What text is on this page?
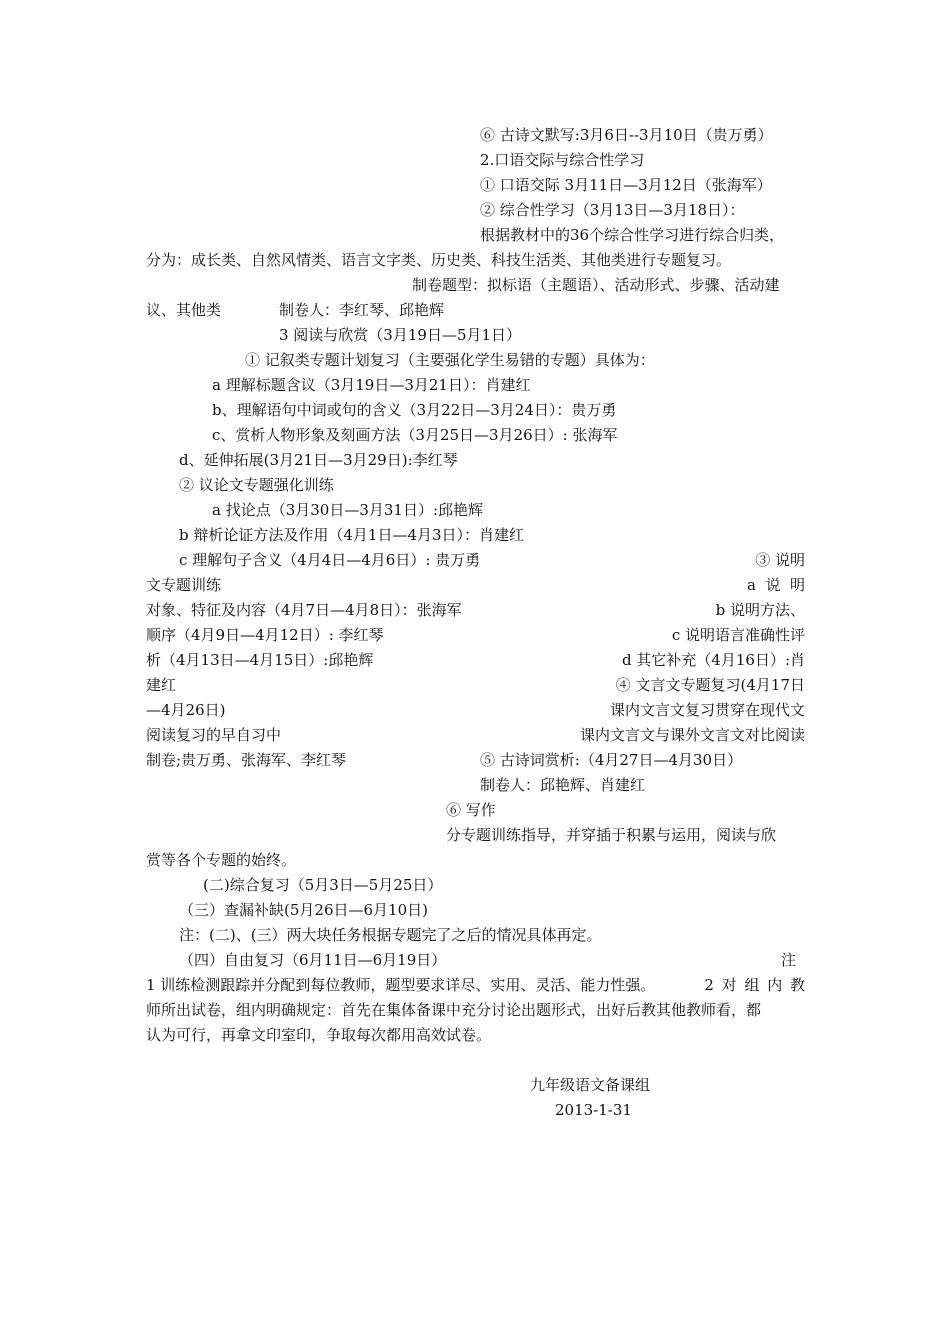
⑥ 古诗文默写:3月6日--3月10日（贵万勇）
2.口语交际与综合性学习
① 口语交际 3月11日—3月12日（张海军）
② 综合性学习（3月13日—3月18日）：
根据教材中的36个综合性学习进行综合归类，
分为：成长类、自然风情类、语言文字类、历史类、科技生活类、其他类进行专题复习。
制卷题型：拟标语（主题语）、活动形式、步骤、活动建
议、其他类	制卷人：李红琴、邱艳辉
3 阅读与欣赏（3月19日—5月1日）
① 记叙类专题计划复习（主要强化学生易错的专题）具体为：
a 理解标题含议（3月19日—3月21日）：肖建红
b、理解语句中词或句的含义（3月22日—3月24日）：贵万勇
c、赏析人物形象及刻画方法（3月25日—3月26日）: 张海军
d、延伸拓展(3月21日—3月29日):李红琴
② 议论文专题强化训练
a 找论点（3月30日—3月31日）:邱艳辉
b 辩析论证方法及作用（4月1日—4月3日）：肖建红
c 理解句子含义（4月4日—4月6日）: 贵万勇	③ 说明
文专题训练	a 说 明
对象、特征及内容（4月7日—4月8日）：张海军	b 说明方法、
顺序（4月9日—4月12日）: 李红琴	c 说明语言准确性评
析（4月13日—4月15日）:邱艳辉	d 其它补充（4月16日）:肖
建红	④ 文言文专题复习(4月17日
—4月26日)	课内文言文复习贯穿在现代文
阅读复习的早自习中	课内文言文与课外文言文对比阅读
制卷;贵万勇、张海军、李红琴	⑤ 古诗词赏析:（4月27日—4月30日）
制卷人：邱艳辉、肖建红
⑥ 写作
分专题训练指导，并穿插于积累与运用，阅读与欣
赏等各个专题的始终。
(二)综合复习（5月3日—5月25日）
（三）查漏补缺(5月26日—6月10日)
注：(二)、(三）两大块任务根据专题完了之后的情况具体再定。
（四）自由复习（6月11日—6月19日）	注
1 训练检测跟踪并分配到每位教师，题型要求详尽、实用、灵活、能力性强。	2 对 组 内 教
师所出试卷，组内明确规定：首先在集体备课中充分讨论出题形式，出好后教其他教师看，都
认为可行，再拿文印室印，争取每次都用高效试卷。
九年级语文备课组
2013-1-31
